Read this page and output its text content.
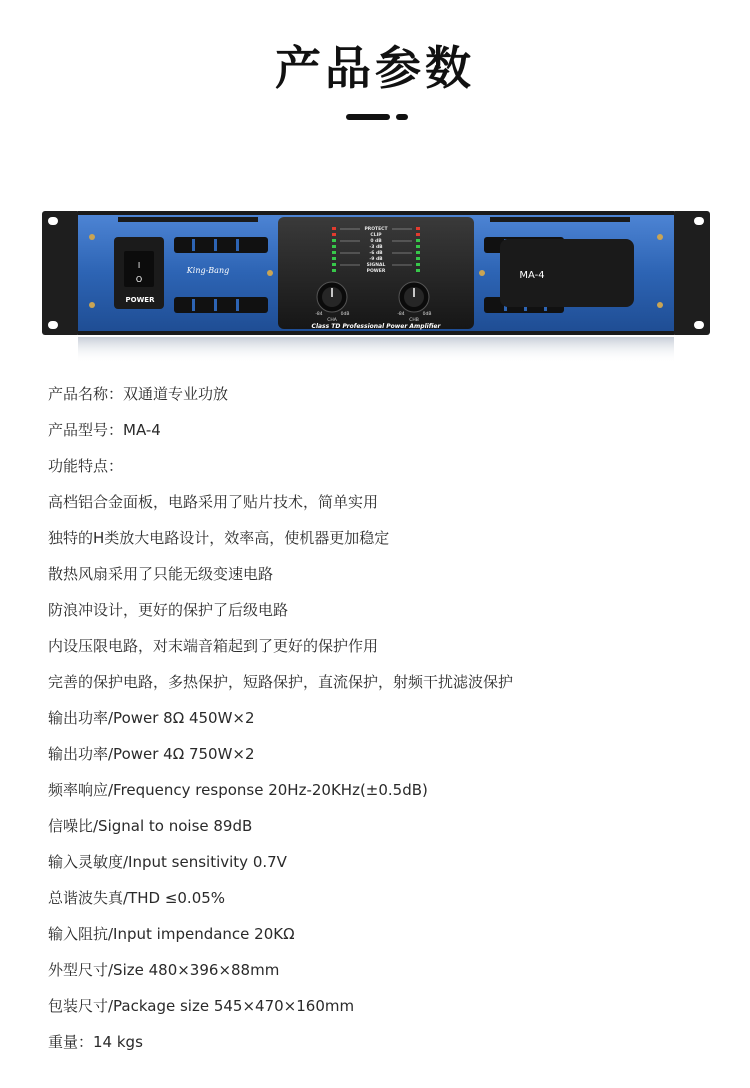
产品参数
I
O
POWER
King-Bang
PROTECT
CLIP
0 dB
-3 dB
-6 dB
-9 dB
SIGNAL
POWER
-84	0dB	-84	0dB
CHA	CHB
Class TD Professional Power Amplifier
MA-4
产品名称：双通道专业功放
产品型号：MA-4
功能特点：
高档铝合金面板，电路采用了贴片技术，简单实用
独特的H类放大电路设计，效率高，使机器更加稳定
散热风扇采用了只能无级变速电路
防浪冲设计，更好的保护了后级电路
内设压限电路，对末端音箱起到了更好的保护作用
完善的保护电路，多热保护，短路保护，直流保护，射频干扰滤波保护
输出功率/Power 8Ω 450W×2
输出功率/Power 4Ω 750W×2
频率响应/Frequency response 20Hz-20KHz(±0.5dB)
信噪比/Signal to noise 89dB
输入灵敏度/Input sensitivity 0.7V
总谐波失真/THD ≤0.05%
输入阻抗/Input impendance 20KΩ
外型尺寸/Size 480×396×88mm
包装尺寸/Package size 545×470×160mm
重量：14 kgs
